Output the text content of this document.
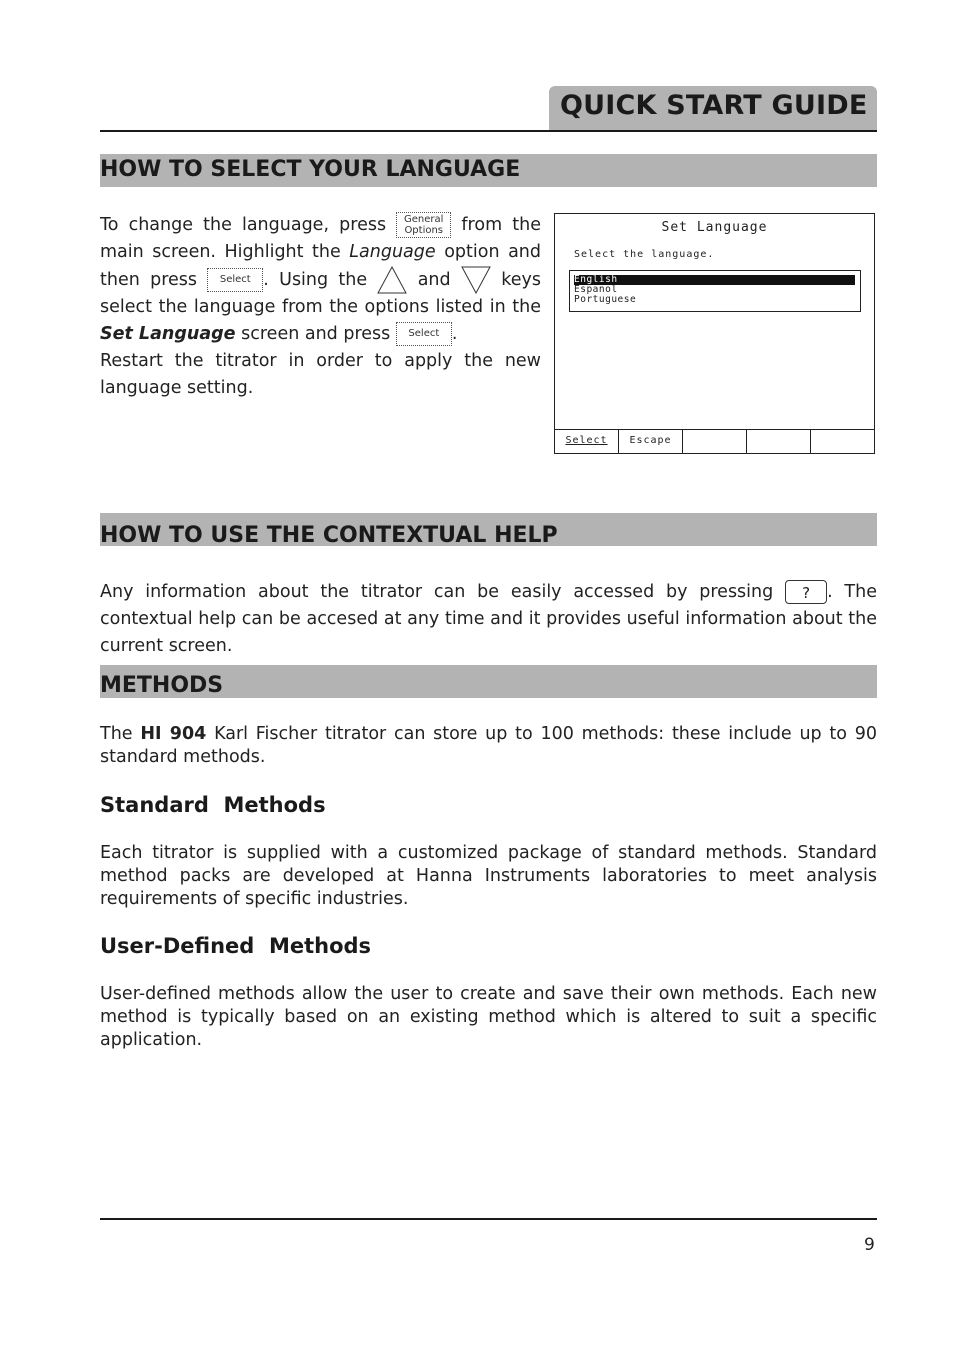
QUICK START GUIDE
HOW TO SELECT YOUR LANGUAGE
To change the language, press General
Options from the main screen. Highlight the Language option and then press Select . Using the	and	keys select the language from the options listed in the Set Language screen and press Select .
Restart the titrator in order to apply the new language setting.
Set Language
Select the language.
English
Espanol
Portuguese
Select	Escape
HOW TO USE THE CONTEXTUAL HELP
Any information about the titrator can be easily accessed by pressing ? . The contextual help can be accesed at any time and it provides useful information about the current screen.
METHODS
The HI 904 Karl Fischer titrator can store up to 100 methods: these include up to 90 standard methods.
Standard  Methods
Each titrator is supplied with a customized package of standard methods. Standard method packs are developed at Hanna Instruments laboratories to meet analysis requirements of specific industries.
User-Defined  Methods
User-defined methods allow the user to create and save their own methods. Each new method is typically based on an existing method which is altered to suit a specific application.
9
